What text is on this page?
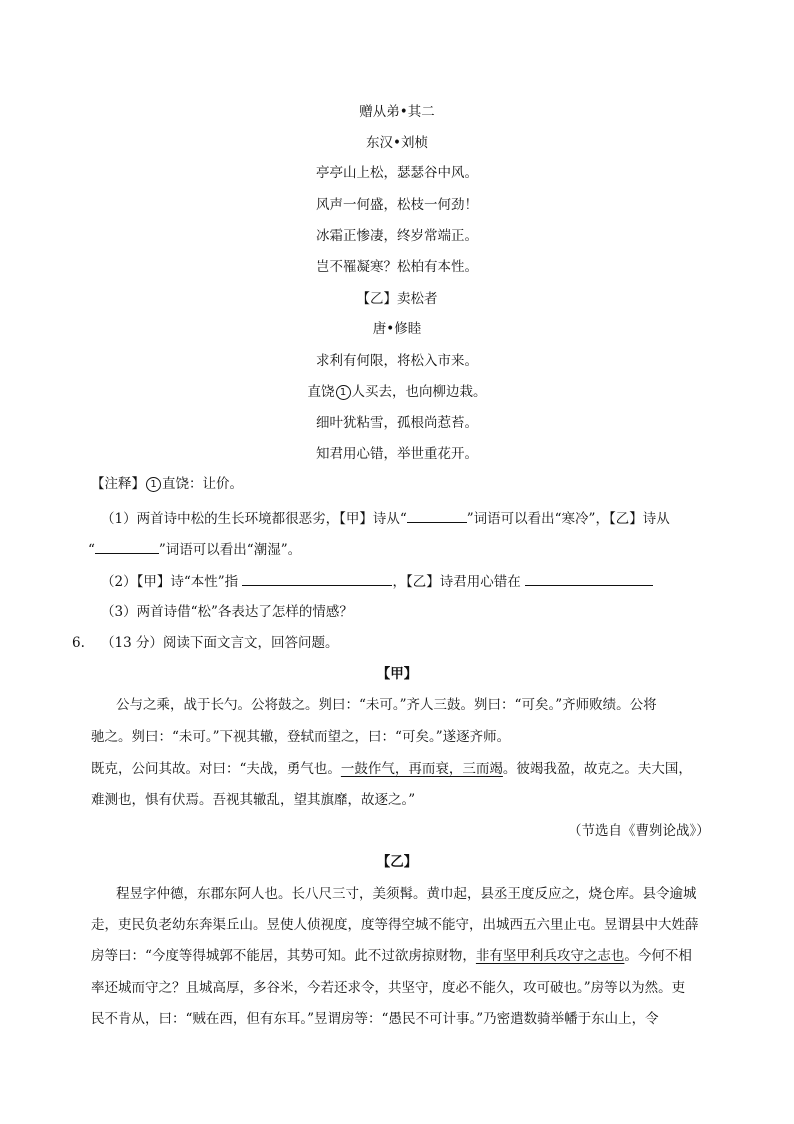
赠从弟•其二
东汉•刘桢
亭亭山上松，瑟瑟谷中风。
风声一何盛，松枝一何劲！
冰霜正惨凄，终岁常端正。
岂不罹凝寒？松柏有本性。
【乙】卖松者
唐•修睦
求利有何限，将松入市来。
直饶 1 人买去，也向柳边栽。
细叶犹粘雪，孤根尚惹苔。
知君用心错，举世重花开。
【注释】 1 直饶：让价。
（1）两首诗中松的生长环境都很恶劣，【甲】诗从“	”词语可以看出“寒冷”，【乙】诗从
“	”词语可以看出“潮湿”。
（2）【甲】诗“本性”指	，【乙】诗君用心错在
（3）两首诗借“松”各表达了怎样的情感？
6. （13 分）阅读下面文言文，回答问题。
【甲】
公与之乘，战于长勺。公将鼓之。刿曰：“未可。”齐人三鼓。刿曰：“可矣。”齐师败绩。公将
驰之。刿曰：“未可。”下视其辙，登轼而望之，曰：“可矣。”遂逐齐师。
既克，公问其故。对曰：“夫战，勇气也。一鼓作气，再而衰，三而竭。彼竭我盈，故克之。夫大国，
难测也，惧有伏焉。吾视其辙乱，望其旗靡，故逐之。”
（节选自《曹刿论战》）
【乙】
程昱字仲德，东郡东阿人也。长八尺三寸，美须髯。黄巾起，县丞王度反应之，烧仓库。县令逾城
走，吏民负老幼东奔渠丘山。昱使人侦视度，度等得空城不能守，出城西五六里止屯。昱谓县中大姓薛
房等曰：“今度等得城郭不能居，其势可知。此不过欲虏掠财物，非有坚甲利兵攻守之志也。今何不相
率还城而守之？且城高厚，多谷米，今若还求令，共坚守，度必不能久，攻可破也。”房等以为然。吏
民不肯从，曰：“贼在西，但有东耳。”昱谓房等：“愚民不可计事。”乃密遣数骑举幡于东山上，令
